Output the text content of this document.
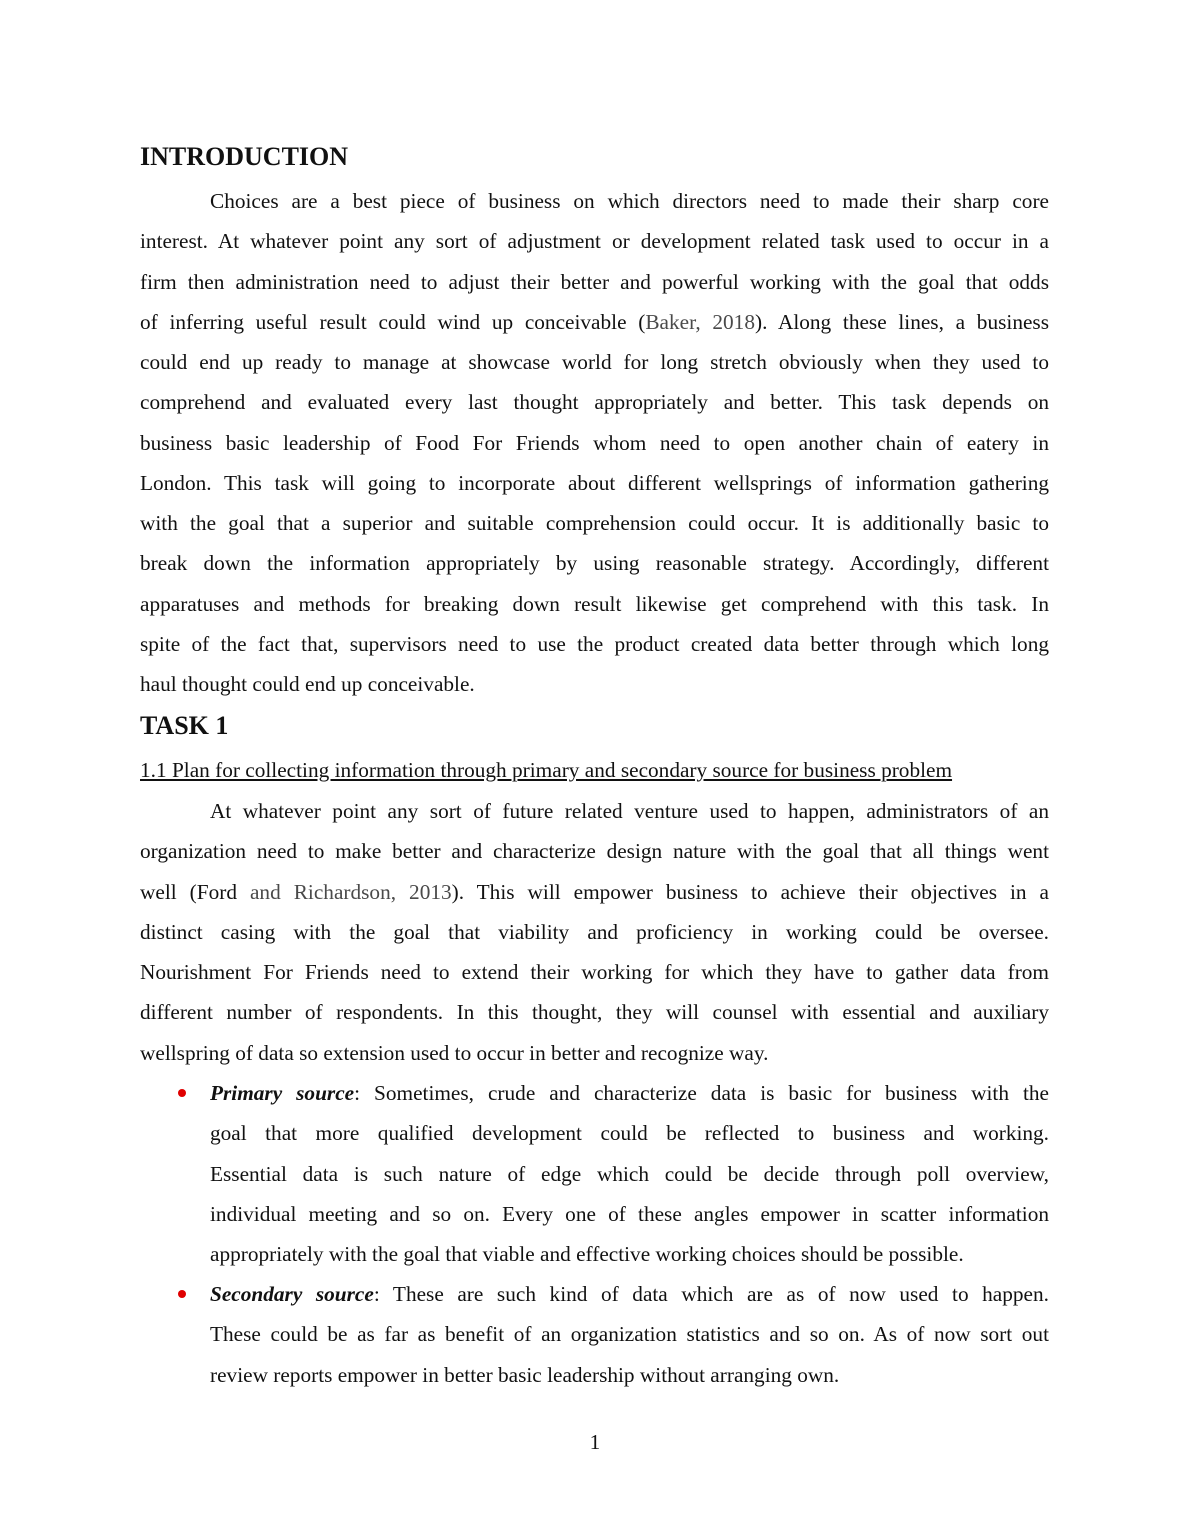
INTRODUCTION
Choices are a best piece of business on which directors need to made their sharp core
interest. At whatever point any sort of adjustment or development related task used to occur in a
firm then administration need to adjust their better and powerful working with the goal that odds
of inferring useful result could wind up conceivable (Baker, 2018). Along these lines, a business
could end up ready to manage at showcase world for long stretch obviously when they used to
comprehend and evaluated every last thought appropriately and better. This task depends on
business basic leadership of Food For Friends whom need to open another chain of eatery in
London. This task will going to incorporate about different wellsprings of information gathering
with the goal that a superior and suitable comprehension could occur. It is additionally basic to
break down the information appropriately by using reasonable strategy. Accordingly, different
apparatuses and methods for breaking down result likewise get comprehend with this task. In
spite of the fact that, supervisors need to use the product created data better through which long
haul thought could end up conceivable.
TASK 1
1.1 Plan for collecting information through primary and secondary source for business problem
At whatever point any sort of future related venture used to happen, administrators of an
organization need to make better and characterize design nature with the goal that all things went
well (Ford and Richardson, 2013). This will empower business to achieve their objectives in a
distinct casing with the goal that viability and proficiency in working could be oversee.
Nourishment For Friends need to extend their working for which they have to gather data from
different number of respondents. In this thought, they will counsel with essential and auxiliary
wellspring of data so extension used to occur in better and recognize way.
Primary source: Sometimes, crude and characterize data is basic for business with the
goal that more qualified development could be reflected to business and working.
Essential data is such nature of edge which could be decide through poll overview,
individual meeting and so on. Every one of these angles empower in scatter information
appropriately with the goal that viable and effective working choices should be possible.
Secondary source: These are such kind of data which are as of now used to happen.
These could be as far as benefit of an organization statistics and so on. As of now sort out
review reports empower in better basic leadership without arranging own.
1
